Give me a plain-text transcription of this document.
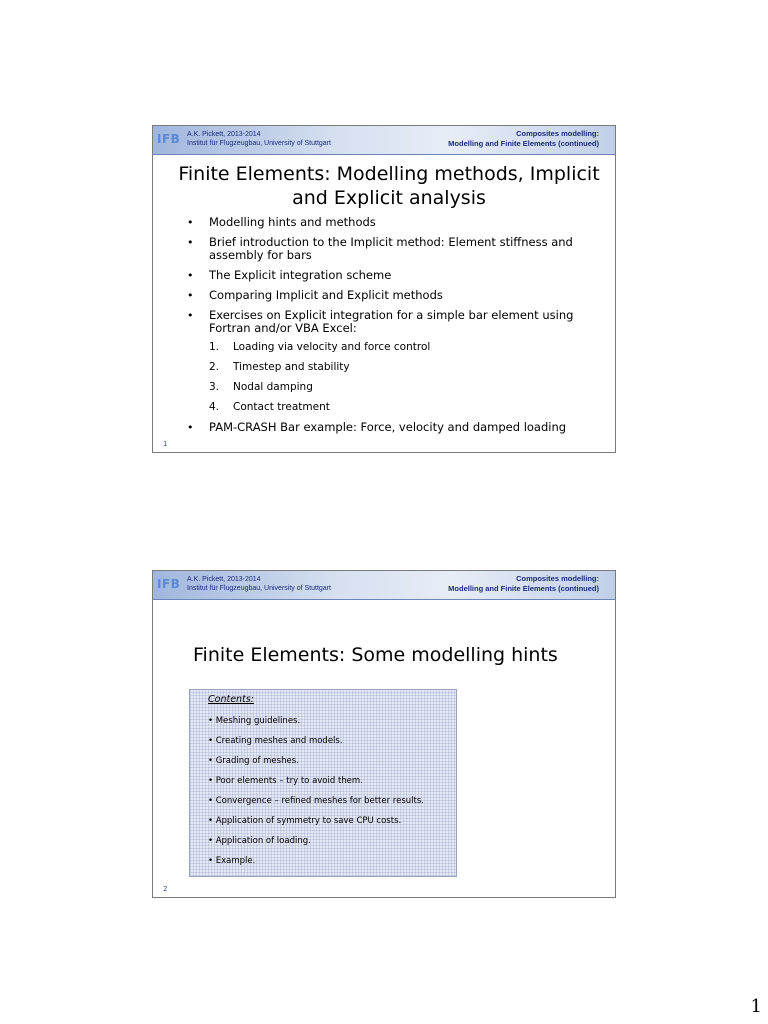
IFB A.K. Pickett, 2013-2014
Institut für Flugzeugbau, University of Stuttgart
Composites modelling:
Modelling and Finite Elements (continued)
Finite Elements: Modelling methods, Implicit
and Explicit analysis
• Modelling hints and methods
• Brief introduction to the Implicit method: Element stiffness and assembly for bars
• The Explicit integration scheme
• Comparing Implicit and Explicit methods
• Exercises on Explicit integration for a simple bar element using Fortran and/or VBA Excel:
1. Loading via velocity and force control
2. Timestep and stability
3. Nodal damping
4. Contact treatment
• PAM-CRASH Bar example: Force, velocity and damped loading
1
IFB A.K. Pickett, 2013-2014
Institut für Flugzeugbau, University of Stuttgart
Composites modelling:
Modelling and Finite Elements (continued)
Finite Elements: Some modelling hints
Contents:
• Meshing guidelines.
• Creating meshes and models.
• Grading of meshes.
• Poor elements – try to avoid them.
• Convergence – refined meshes for better results.
• Application of symmetry to save CPU costs.
• Application of loading.
• Example.
2
1
